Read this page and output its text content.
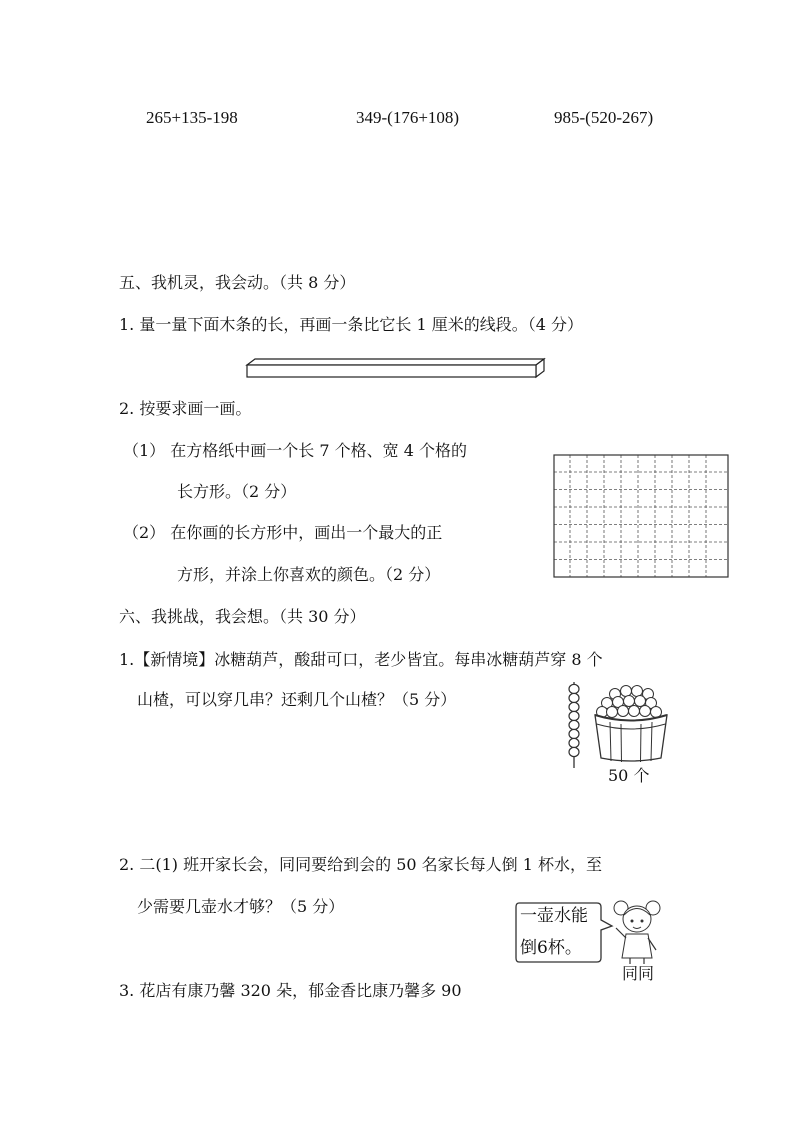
265+135-198	349-(176+108)	985-(520-267)
五、我机灵，我会动。（共 8 分）
1. 量一量下面木条的长，再画一条比它长 1 厘米的线段。（4 分）
2. 按要求画一画。
（1） 在方格纸中画一个长 7 个格、宽 4 个格的
长方形。（2 分）
（2） 在你画的长方形中，画出一个最大的正
方形，并涂上你喜欢的颜色。（2 分）
六、我挑战，我会想。（共 30 分）
1.【新情境】冰糖葫芦，酸甜可口，老少皆宜。每串冰糖葫芦穿 8 个
山楂，可以穿几串？还剩几个山楂？（5 分）
50 个
2. 二(1) 班开家长会，同同要给到会的 50 名家长每人倒 1 杯水，至
少需要几壶水才够？（5 分）	一壶水能
倒6杯。
同同
3. 花店有康乃馨 320 朵，郁金香比康乃馨多 90
